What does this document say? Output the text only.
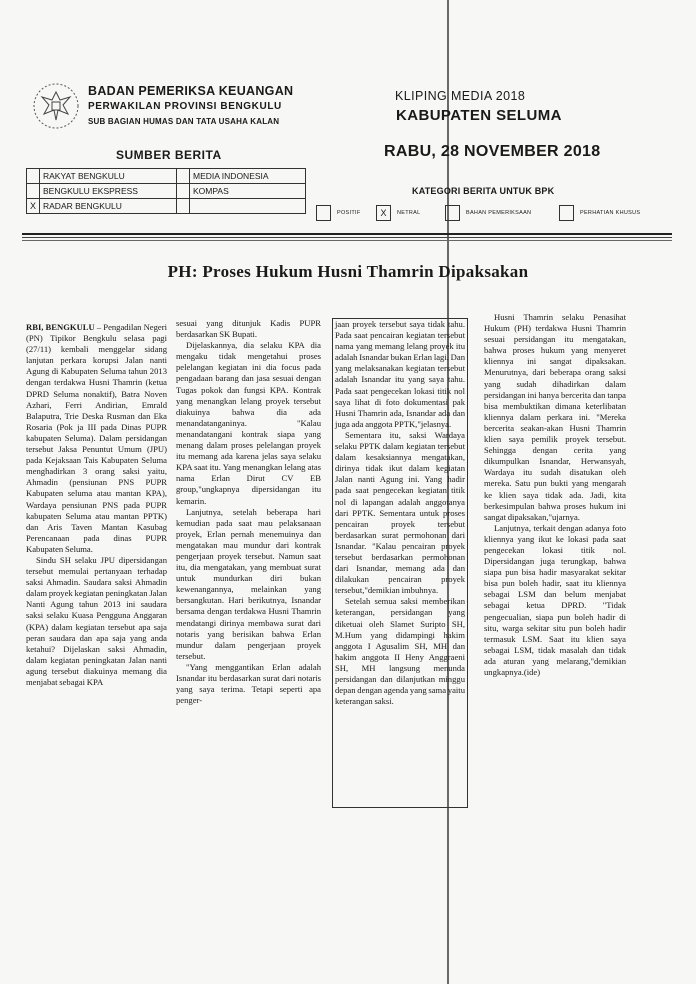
BADAN PEMERIKSA KEUANGAN
PERWAKILAN PROVINSI BENGKULU
SUB BAGIAN HUMAS DAN TATA USAHA KALAN
KLIPING MEDIA 2018
KABUPATEN SELUMA
RABU, 28 NOVEMBER 2018
SUMBER BERITA
KATEGORI BERITA UNTUK BPK
	RAKYAT BENGKULU		MEDIA INDONESIA
	BENGKULU EKSPRESS		KOMPAS
X	RADAR BENGKULU		
POSITIF	X	NETRAL	BAHAN PEMERIKSAAN	PERHATIAN KHUSUS
PH: Proses Hukum Husni Thamrin Dipaksakan

RBI, BENGKULU – Pengadilan Negeri (PN) Tipikor Bengkulu selasa pagi (27/11) kembali menggelar sidang lanjutan perkara korupsi Jalan nanti Agung di Kabupaten Seluma tahun 2013 dengan terdakwa Husni Thamrin (ketua DPRD Seluma nonaktif), Batra Noven Azhari, Ferri Andirian, Emrald Balaputra, Trie Deska Rusman dan Eka Rosaria (Pok ja III pada Dinas PUPR kabupaten Seluma). Dalam persidangan tersebut Jaksa Penuntut Umum (JPU) pada Kejaksaan Tais Kabupaten Seluma menghadirkan 3 orang saksi yaitu, Ahmadin (pensiunan PNS PUPR Kabupaten seluma atau mantan KPA), Wardaya pensiunan PNS pada PUPR kabupaten Seluma atau mantan PPTK) dan Aris Taven Mantan Kasubag Perencanaan pada dinas PUPR Kabupaten Seluma.

Sindu SH selaku JPU dipersidangan tersebut memulai pertanyaan terhadap saksi Ahmadin. Saudara saksi Ahmadin dalam proyek kegiatan peningkatan Jalan Nanti Agung tahun 2013 ini saudara saksi selaku Kuasa Pengguna Anggaran (KPA) dalam kegiatan tersebut apa saja peran saudara dan apa saja yang anda ketahui? Dijelaskan saksi Ahmadin, dalam kegiatan peningkatan Jalan nanti agung tersebut diakuinya memang dia menjabat sebagai KPA

sesuai yang ditunjuk Kadis PUPR berdasarkan SK Bupati.

Dijelaskannya, dia selaku KPA dia mengaku tidak mengetahui proses pelelangan kegiatan ini dia focus pada pengadaan barang dan jasa sesuai dengan Tugas pokok dan fungsi KPA. Kontrak yang menangkan lelang proyek tersebut diakuinya bahwa dia ada menandatanganinya. "Kalau menandatangani kontrak siapa yang menang dalam proses pelelangan proyek itu memang ada karena jelas saya selaku KPA saat itu. Yang menangkan lelang atas nama Erlan Dirut CV EB group,"ungkapnya dipersidangan itu kemarin.

Lanjutnya, setelah beberapa hari kemudian pada saat mau pelaksanaan proyek, Erlan pernah menemuinya dan mengatakan mau mundur dari kontrak pengerjaan proyek tersebut. Namun saat itu, dia mengatakan, yang membuat surat untuk mundurkan diri bukan kewenangannya, melainkan yang bersangkutan. Hari berikutnya, Isnandar bersama dengan terdakwa Husni Thamrin mendatangi dirinya membawa surat dari notaris yang berisikan bahwa Erlan mundur dalam pengerjaan proyek tersebut.

"Yang menggantikan Erlan adalah Isnandar itu berdasarkan surat dari notaris yang saya terima. Tetapi seperti apa penger-

jaan proyek tersebut saya tidak tahu. Pada saat pencairan kegiatan tersebut nama yang memang lelang proyek itu adalah Isnandar bukan Erlan lagi. Dan yang melaksanakan kegiatan tersebut adalah Isnandar itu yang saya tahu. Pada saat pengecekan lokasi titik nol saya lihat di foto dokumentasi pak Husni Thamrin ada, Isnandar ada dan juga ada anggota PPTK,"jelasnya.

Sementara itu, saksi Wardaya selaku PPTK dalam kegiatan tersebut dalam kesaksiannya mengatakan, dirinya tidak ikut dalam kegiatan Jalan nanti Agung ini. Yang hadir pada saat pengecekan kegiatan titik nol di lapangan adalah anggotanya dari PPTK. Sementara untuk proses pencairan proyek tersebut berdasarkan surat permohonan dari Isnandar. "Kalau pencairan proyek tersebut berdasarkan permohonan dari Isnandar, memang ada dan dilakukan pencairan proyek tersebut,"demikian imbuhnya.

Setelah semua saksi memberikan keterangan, persidangan yang diketuai oleh Slamet Suripto SH, M.Hum yang didampingi hakim anggota I Agusalim SH, MH dan hakim anggota II Heny Anggraeni SH, MH langsung menunda persidangan dan dilanjutkan minggu depan dengan agenda yang sama yaitu keterangan saksi.

Husni Thamrin selaku Penasihat Hukum (PH) terdakwa Husni Thamrin sesuai persidangan itu mengatakan, bahwa proses hukum yang menyeret kliennya ini sangat dipaksakan. Menurutnya, dari beberapa orang saksi yang sudah dihadirkan dalam persidangan ini hanya bercerita dan tanpa bisa membuktikan dimana keterlibatan kliennya dalam perkara ini. "Mereka bercerita seakan-akan Husni Thamrin klien saya pemilik proyek tersebut. Sehingga dengan cerita yang dikumpulkan Isnandar, Herwansyah, Wardaya itu sudah disatukan oleh mereka. Satu pun bukti yang mengarah ke klien saya tidak ada. Jadi, kita berkesimpulan bahwa proses hukum ini sangat dipaksakan,"ujarnya.

Lanjutnya, terkait dengan adanya foto kliennya yang ikut ke lokasi pada saat pengecekan lokasi titik nol. Dipersidangan juga terungkap, bahwa siapa pun bisa hadir masyarakat sekitar bisa pun boleh hadir, saat itu kliennya sebagai LSM dan belum menjabat sebagai ketua DPRD. "Tidak pengecualian, siapa pun boleh hadir di situ, warga sekitar situ pun boleh hadir termasuk LSM. Saat itu klien saya sebagai LSM, tidak masalah dan tidak ada aturan yang melarang,"demikian ungkapnya.(ide)
